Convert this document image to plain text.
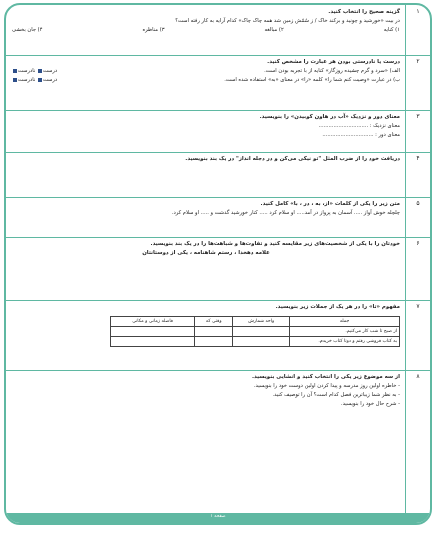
۱
گزینه صحیح را انتخاب کنید.
در بیت «خورشید و چونید و برکند خاک / ز سُمّش زمین شد همه چاک چاک» کدام آرایه به کار رفته است؟
۱) کنایه
۲) مبالغه
۳) مناظره
۴) جان بخشی
۲
درست یا نادرستی بودن هر عبارت را مشخص کنید.
الف) «سرد و گرم چشیده روزگار» کنایه از با تجربه بودن است.
درست نادرست
ب) در عبارت «وصیت کنم شما را» کلمه «را» در معنای «به» استفاده شده است.
درست نادرست
۳
معنای دور و نزدیک «آب در هاون کوبیدن» را بنویسید.
معنای نزدیک : ..............................
معنای دور : ...............................
۴
دریافت خود را از ضرب المثل "تو نیکی می‌کن و در دجله انداز" در یک بند بنویسید.
۵
متن زیر را یکی از کلمات «از، به ، در ، با» کامل کنید.
چلچله خوش آواز ..... آسمان به پرواز در آمد..... او سلام کرد ..... کنار خورشید گذشت و ..... او سلام کرد.
۶
خودتان را با یکی از شخصیت‌های زیر مقایسه کنید و تفاوت‌ها و شباهت‌ها را در یک بند بنویسید.
علامه دهخدا ، رستم شاهنامه ، یکی از دوستانتان
۷
مفهوم «تا» را در هر یک از جملات زیر بنویسید.
جمله	واحد شمارش	وقتی که	فاصله زمانی و مکانی
از صبح تا شب کار می‌کنیم.			
به کتاب فروشی رفتم و دوتا کتاب خریدم.			
۸
از سه موضوع زیر یکی را انتخاب کنید و انشایی بنویسید.
- خاطره اولین روز مدرسه و پیدا کردن اولین دوست خود را بنویسید.
- به نظر شما زیباترین فصل کدام است؟ آن را توصیف کنید.
- شرح حال خود را بنویسید.
صفحه ۱
